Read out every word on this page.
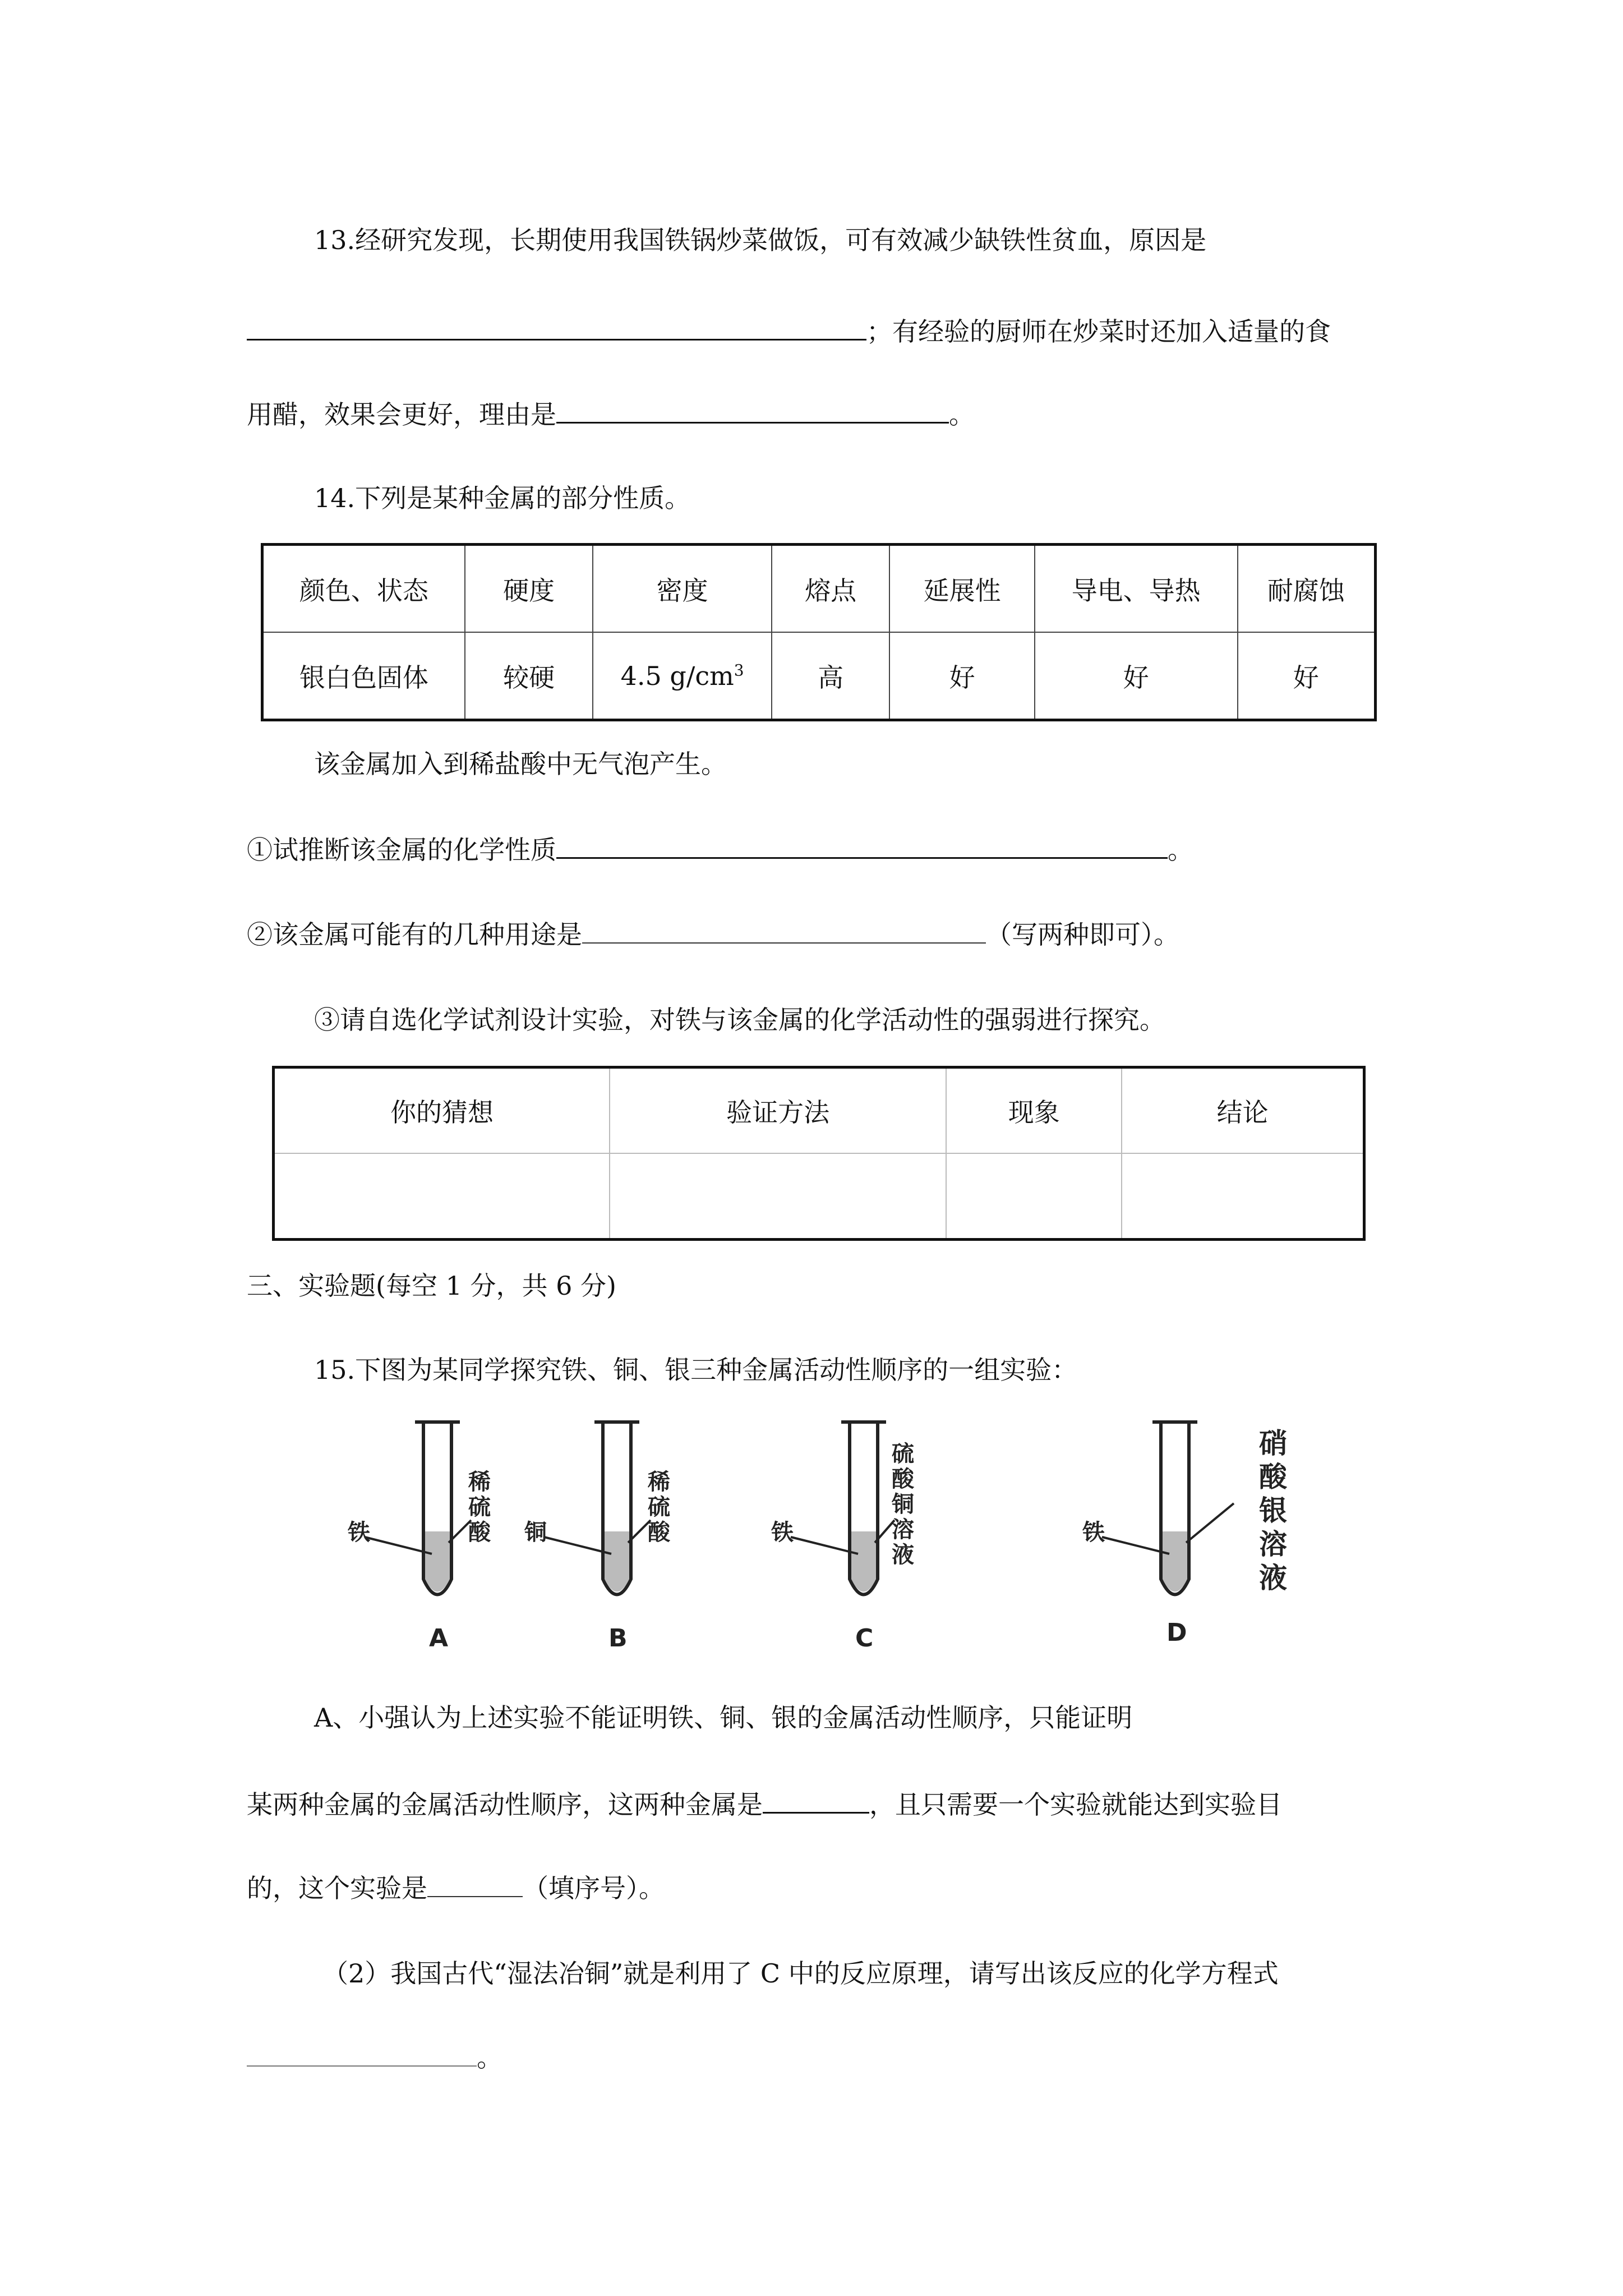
13.经研究发现，长期使用我国铁锅炒菜做饭，可有效减少缺铁性贫血，原因是
；有经验的厨师在炒菜时还加入适量的食
用醋，效果会更好，理由是	。
14.下列是某种金属的部分性质。
颜色、状态	硬度	密度	熔点	延展性	导电、导热	耐腐蚀
银白色固体	较硬	4.5 $g/cm^3$	高	好	好	好
该金属加入到稀盐酸中无气泡产生。
①试推断该金属的化学性质	。
②该金属可能有的几种用途是	（写两种即可）。
③请自选化学试剂设计实验，对铁与该金属的化学活动性的强弱进行探究。
你的猜想	验证方法	现象	结论

三、实验题(每空 1 分，共 6 分)
15.下图为某同学探究铁、铜、银三种金属活动性顺序的一组实验：
铁
稀
硫
酸
A
铜
稀
硫
酸
B
铁
硫
酸
铜
溶
液
C
铁
硝
酸
银
溶
液
D
A、小强认为上述实验不能证明铁、铜、银的金属活动性顺序，只能证明
某两种金属的金属活动性顺序，这两种金属是	，且只需要一个实验就能达到实验目
的，这个实验是	（填序号）。
（2）我国古代“湿法冶铜”就是利用了 C 中的反应原理，请写出该反应的化学方程式
。
